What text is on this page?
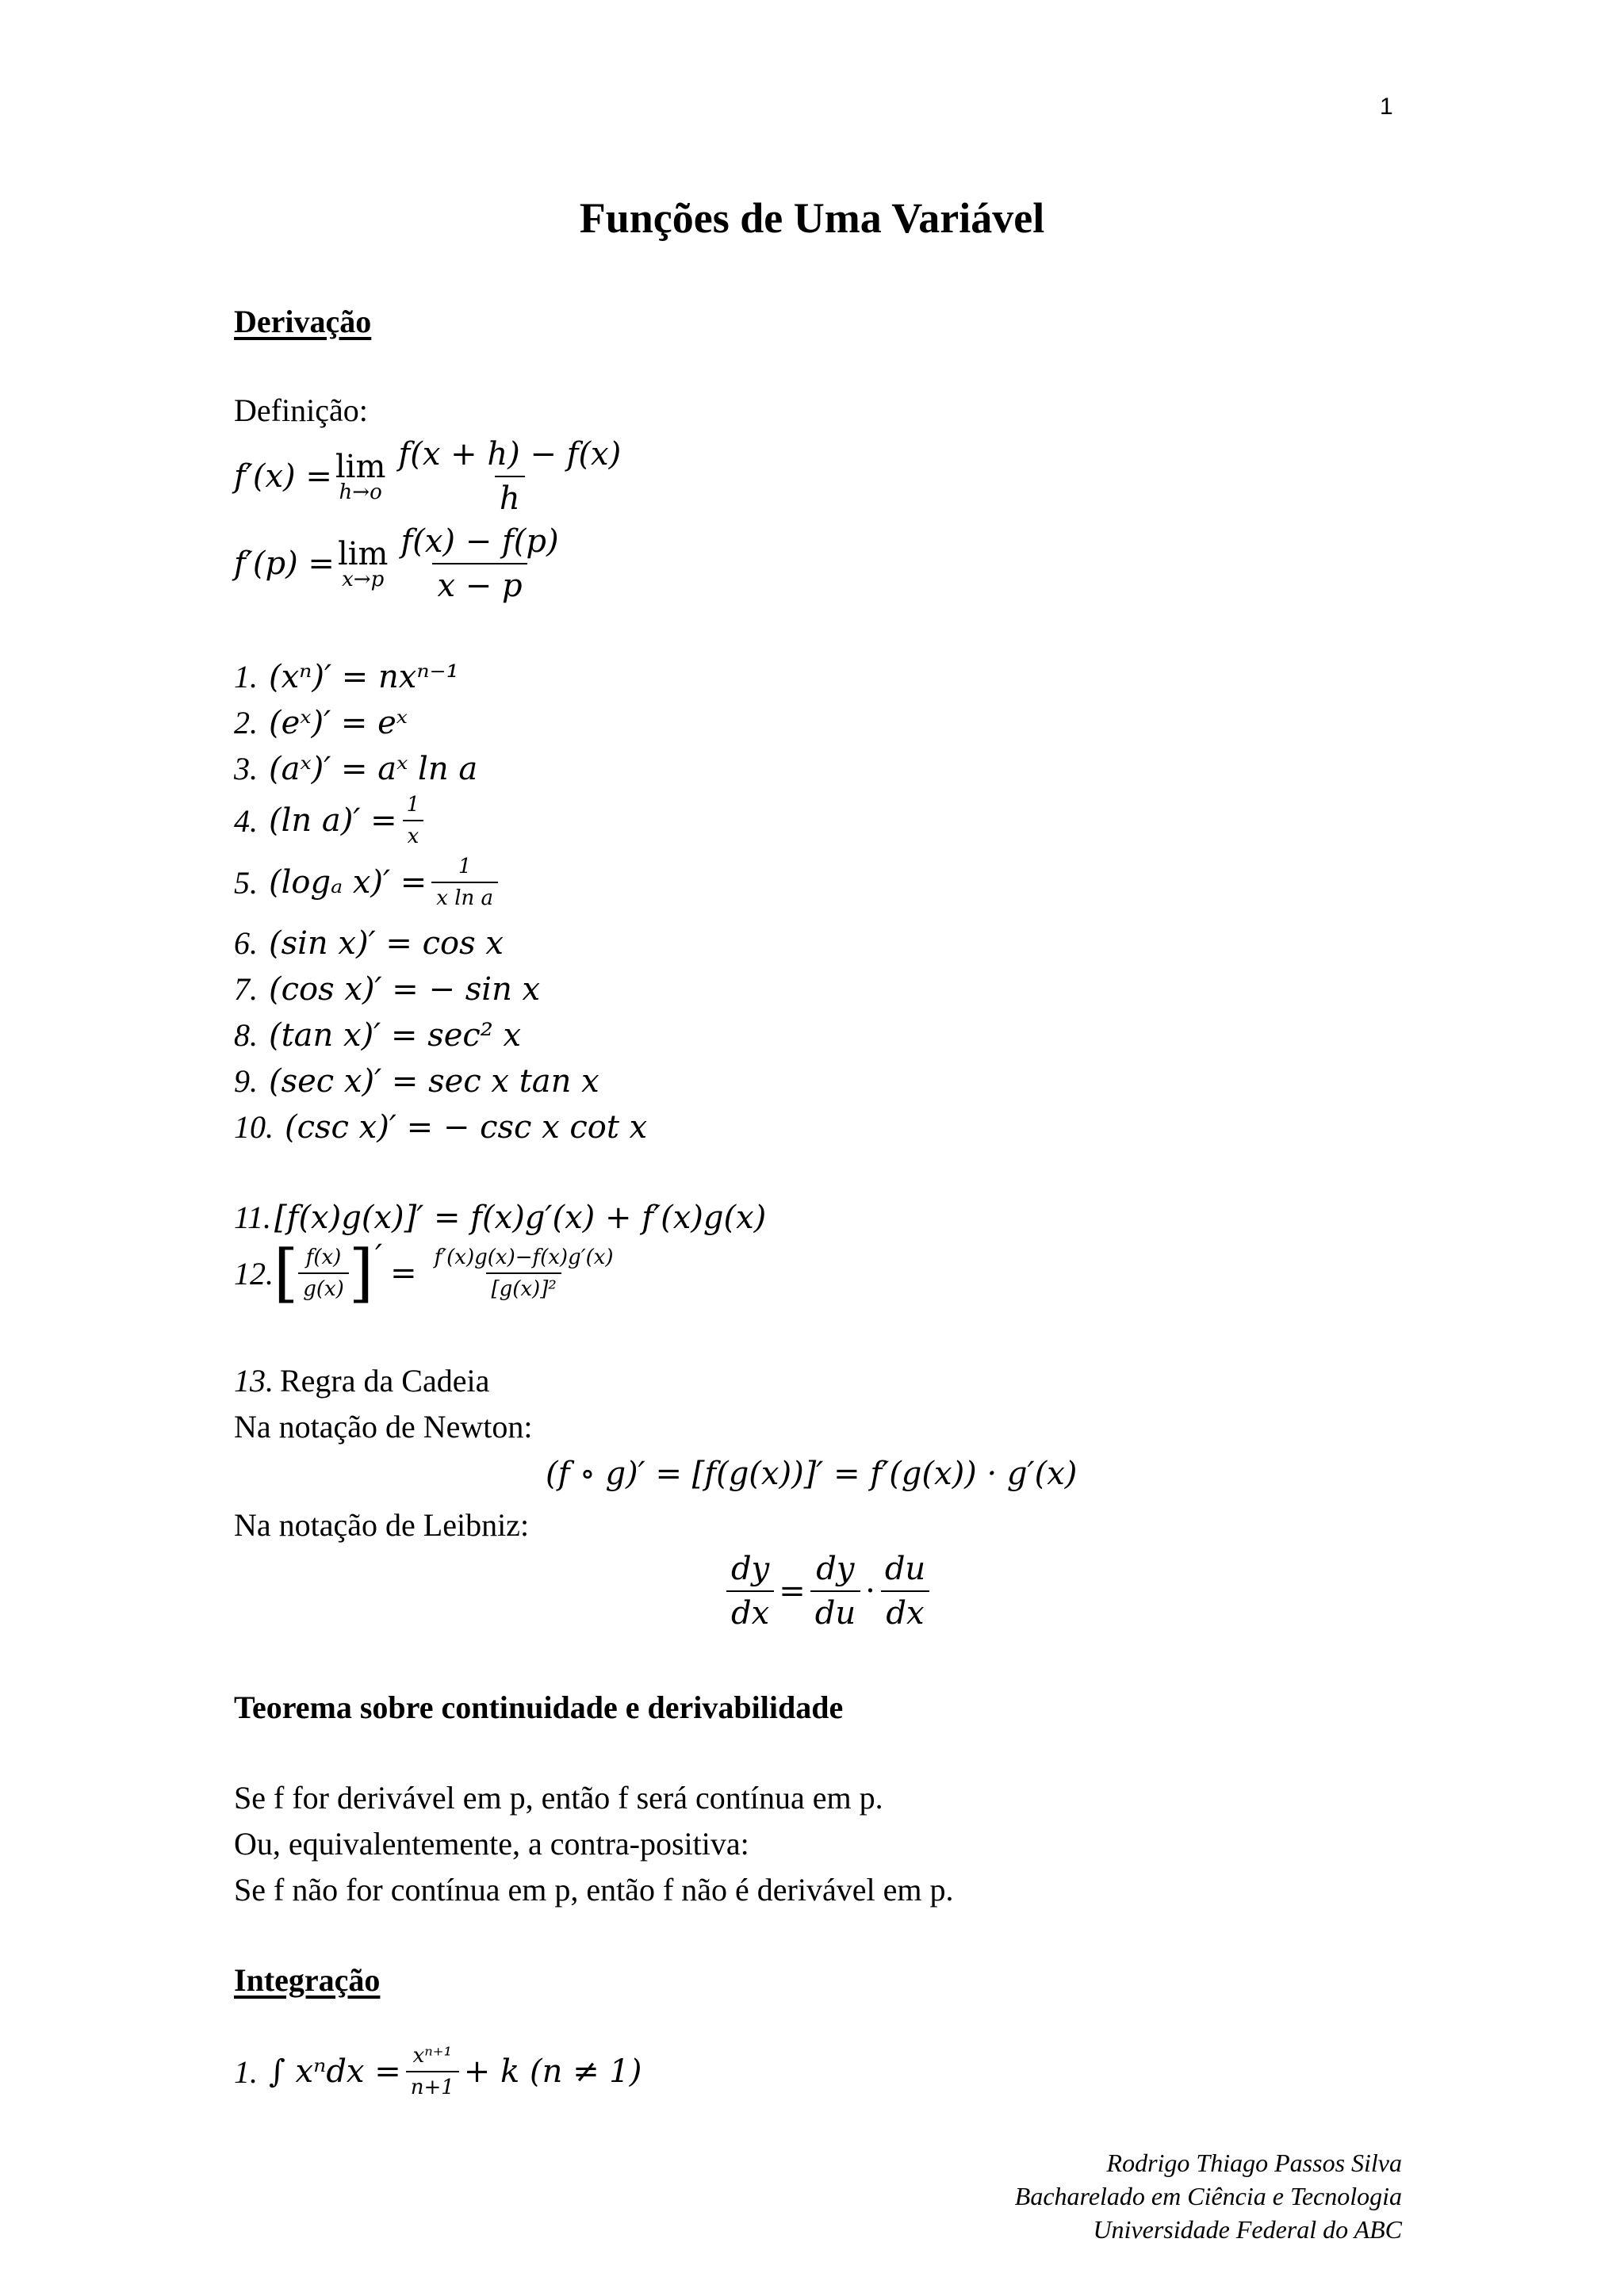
1
Funções de Uma Variável
Derivação
Definição:
f′(x) = lim
$h\to o \frac{f(x + h) - f(x)}{h}$
f′(p) = lim
$x\to p \frac{f(x) - f(p)}{x - p}$
1. (xⁿ)′ = nxⁿ⁻¹
2. (eˣ)′ = eˣ
3. (aˣ)′ = aˣ ln a
4. (ln $a)' = \frac{1}{x}$
5. (logₐ $x)' = \frac{1}{\text{x ln a}}$
6. (sin x)′ = cos x
7. (cos x)′ = − sin x
8. (tan x)′ = sec² x
9. (sec x)′ = sec x tan x
10. (csc x)′ = − csc x cot x
11. [f(x)g(x)]′ = f(x)g′(x) + f′(x)g(x)
12. [ $\frac{f(x)}{g(x)}$ ] ′ = $\frac{f'(x)g(x)-f(x)g'(x)}{\text{[g(x)]²}}$
13. Regra da Cadeia
Na notação de Newton:
(f ∘ g)′ = [f(g(x))]′ = f′(g(x)) · g′(x)
Na notação de Leibniz:
$\frac{dy}{dx} = \frac{dy}{du} \cdot \frac{du}{dx}$
Teorema sobre continuidade e derivabilidade
Se f for derivável em p, então f será contínua em p.
Ou, equivalentemente, a contra-positiva:
Se f não for contínua em p, então f não é derivável em p.
Integração
1. ∫ $x^ndx = \frac{\text{xⁿ⁺¹}}{n+1} + k$ (n ≠ 1)
Rodrigo Thiago Passos Silva
Bacharelado em Ciência e Tecnologia
Universidade Federal do ABC
